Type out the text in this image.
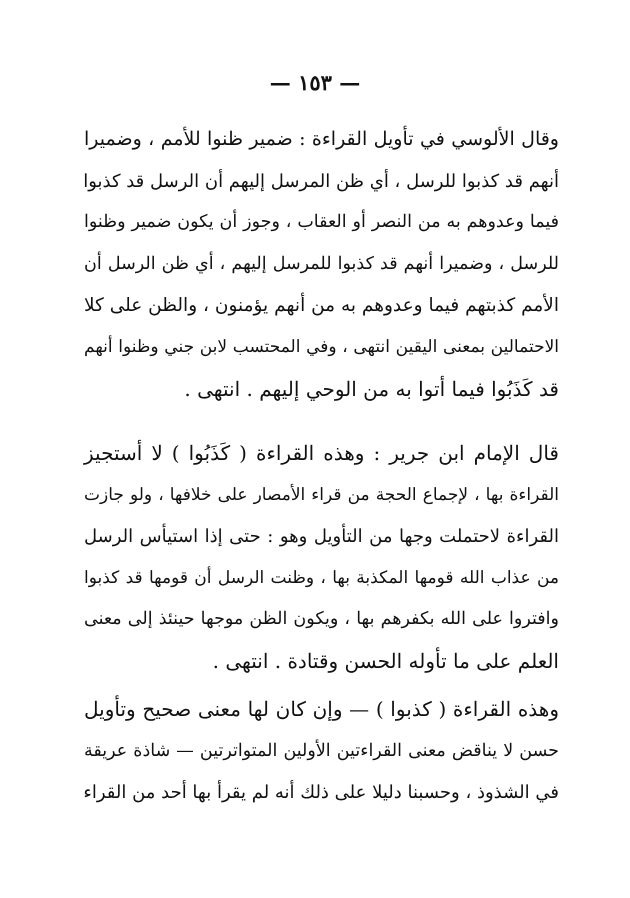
— ١٥٣ —
وقال الألوسي في تأويل القراءة : ضمير ظنوا للأمم ، وضميرا
أنهم قد كذبوا للرسل ، أي ظن المرسل إليهم أن الرسل قد كذبوا
فيما وعدوهم به من النصر أو العقاب ، وجوز أن يكون ضمير وظنوا
للرسل ، وضميرا أنهم قد كذبوا للمرسل إليهم ، أي ظن الرسل أن
الأمم كذبتهم فيما وعدوهم به من أنهم يؤمنون ، والظن على كلا
الاحتمالين بمعنى اليقين انتهى ، وفي المحتسب لابن جني وظنوا أنهم
قد كَذَبُوا فيما أتوا به من الوحي إليهم . انتهى .
قال الإمام ابن جرير : وهذه القراءة ( كَذَبُوا ) لا أستجيز
القراءة بها ، لإجماع الحجة من قراء الأمصار على خلافها ، ولو جازت
القراءة لاحتملت وجها من التأويل وهو : حتى إذا استيأس الرسل
من عذاب الله قومها المكذبة بها ، وظنت الرسل أن قومها قد كذبوا
وافتروا على الله بكفرهم بها ، ويكون الظن موجها حينئذ إلى معنى
العلم على ما تأوله الحسن وقتادة . انتهى .
وهذه القراءة ( كذبوا ) — وإن كان لها معنى صحيح وتأويل
حسن لا يناقض معنى القراءتين الأولين المتواترتين — شاذة عريقة
في الشذوذ ، وحسبنا دليلا على ذلك أنه لم يقرأ بها أحد من القراء
